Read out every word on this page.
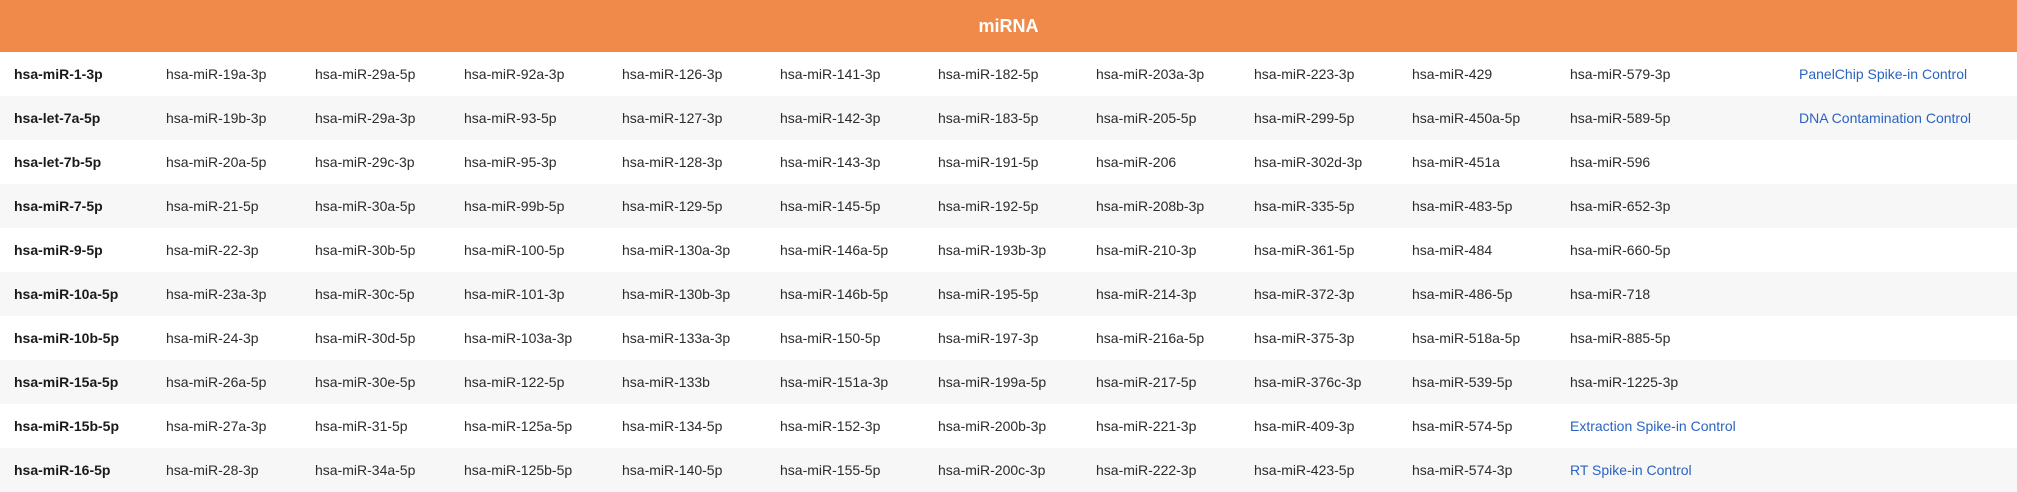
miRNA
hsa-miR-1-3p	hsa-miR-19a-3p	hsa-miR-29a-5p	hsa-miR-92a-3p	hsa-miR-126-3p	hsa-miR-141-3p	hsa-miR-182-5p	hsa-miR-203a-3p	hsa-miR-223-3p	hsa-miR-429	hsa-miR-579-3p	PanelChip Spike-in Control
hsa-let-7a-5p	hsa-miR-19b-3p	hsa-miR-29a-3p	hsa-miR-93-5p	hsa-miR-127-3p	hsa-miR-142-3p	hsa-miR-183-5p	hsa-miR-205-5p	hsa-miR-299-5p	hsa-miR-450a-5p	hsa-miR-589-5p	DNA Contamination Control
hsa-let-7b-5p	hsa-miR-20a-5p	hsa-miR-29c-3p	hsa-miR-95-3p	hsa-miR-128-3p	hsa-miR-143-3p	hsa-miR-191-5p	hsa-miR-206	hsa-miR-302d-3p	hsa-miR-451a	hsa-miR-596
hsa-miR-7-5p	hsa-miR-21-5p	hsa-miR-30a-5p	hsa-miR-99b-5p	hsa-miR-129-5p	hsa-miR-145-5p	hsa-miR-192-5p	hsa-miR-208b-3p	hsa-miR-335-5p	hsa-miR-483-5p	hsa-miR-652-3p
hsa-miR-9-5p	hsa-miR-22-3p	hsa-miR-30b-5p	hsa-miR-100-5p	hsa-miR-130a-3p	hsa-miR-146a-5p	hsa-miR-193b-3p	hsa-miR-210-3p	hsa-miR-361-5p	hsa-miR-484	hsa-miR-660-5p
hsa-miR-10a-5p	hsa-miR-23a-3p	hsa-miR-30c-5p	hsa-miR-101-3p	hsa-miR-130b-3p	hsa-miR-146b-5p	hsa-miR-195-5p	hsa-miR-214-3p	hsa-miR-372-3p	hsa-miR-486-5p	hsa-miR-718
hsa-miR-10b-5p	hsa-miR-24-3p	hsa-miR-30d-5p	hsa-miR-103a-3p	hsa-miR-133a-3p	hsa-miR-150-5p	hsa-miR-197-3p	hsa-miR-216a-5p	hsa-miR-375-3p	hsa-miR-518a-5p	hsa-miR-885-5p
hsa-miR-15a-5p	hsa-miR-26a-5p	hsa-miR-30e-5p	hsa-miR-122-5p	hsa-miR-133b	hsa-miR-151a-3p	hsa-miR-199a-5p	hsa-miR-217-5p	hsa-miR-376c-3p	hsa-miR-539-5p	hsa-miR-1225-3p
hsa-miR-15b-5p	hsa-miR-27a-3p	hsa-miR-31-5p	hsa-miR-125a-5p	hsa-miR-134-5p	hsa-miR-152-3p	hsa-miR-200b-3p	hsa-miR-221-3p	hsa-miR-409-3p	hsa-miR-574-5p	Extraction Spike-in Control
hsa-miR-16-5p	hsa-miR-28-3p	hsa-miR-34a-5p	hsa-miR-125b-5p	hsa-miR-140-5p	hsa-miR-155-5p	hsa-miR-200c-3p	hsa-miR-222-3p	hsa-miR-423-5p	hsa-miR-574-3p	RT Spike-in Control
